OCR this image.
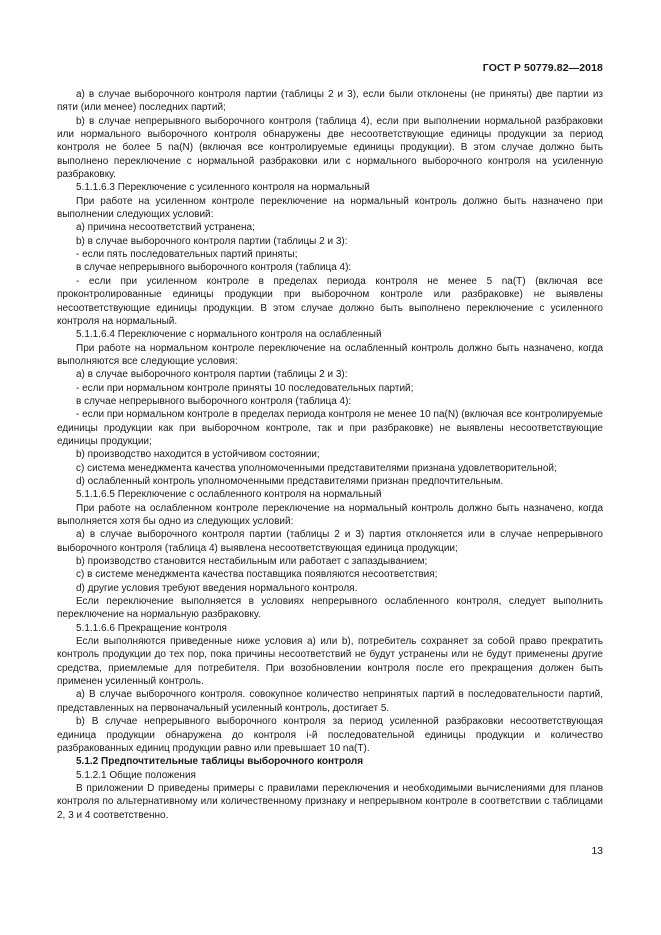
ГОСТ Р 50779.82—2018

a) в случае выборочного контроля партии (таблицы 2 и 3), если были отклонены (не приняты) две партии из пяти (или менее) последних партий;

b) в случае непрерывного выборочного контроля (таблица 4), если при выполнении нормальной разбраковки или нормального выборочного контроля обнаружены две несоответствующие единицы продукции за период контроля не более 5 nа(N) (включая все контролируемые единицы продукции). В этом случае должно быть выполнено переключение с нормальной разбраковки или с нормального выборочного контроля на усиленную разбраковку.

5.1.1.6.3 Переключение с усиленного контроля на нормальный

При работе на усиленном контроле переключение на нормальный контроль должно быть назначено при выполнении следующих условий:

a) причина несоответствий устранена;

b) в случае выборочного контроля партии (таблицы 2 и 3):

- если пять последовательных партий приняты;

в случае непрерывного выборочного контроля (таблица 4):

- если при усиленном контроле в пределах периода контроля не менее 5 nа(T) (включая все проконтролированные единицы продукции при выборочном контроле или разбраковке) не выявлены несоответствующие единицы продукции. В этом случае должно быть выполнено переключение с усиленного контроля на нормальный.

5.1.1.6.4 Переключение с нормального контроля на ослабленный

При работе на нормальном контроле переключение на ослабленный контроль должно быть назначено, когда выполняются все следующие условия:

a) в случае выборочного контроля партии (таблицы 2 и 3):

- если при нормальном контроле приняты 10 последовательных партий;

в случае непрерывного выборочного контроля (таблица 4):

- если при нормальном контроле в пределах периода контроля не менее 10 nа(N) (включая все контролируемые единицы продукции как при выборочном контроле, так и при разбраковке) не выявлены несоответствующие единицы продукции;

b) производство находится в устойчивом состоянии;

c) система менеджмента качества уполномоченными представителями признана удовлетворительной;

d) ослабленный контроль уполномоченными представителями признан предпочтительным.

5.1.1.6.5 Переключение с ослабленного контроля на нормальный

При работе на ослабленном контроле переключение на нормальный контроль должно быть назначено, когда выполняется хотя бы одно из следующих условий:

a) в случае выборочного контроля партии (таблицы 2 и 3) партия отклоняется или в случае непрерывного выборочного контроля (таблица 4) выявлена несоответствующая единица продукции;

b) производство становится нестабильным или работает с запаздыванием;

c) в системе менеджмента качества поставщика появляются несоответствия;

d) другие условия требуют введения нормального контроля.

Если переключение выполняется в условиях непрерывного ослабленного контроля, следует выполнить переключение на нормальную разбраковку.

5.1.1.6.6 Прекращение контроля

Если выполняются приведенные ниже условия a) или b), потребитель сохраняет за собой право прекратить контроль продукции до тех пор, пока причины несоответствий не будут устранены или не будут применены другие средства, приемлемые для потребителя. При возобновлении контроля после его прекращения должен быть применен усиленный контроль.

a) В случае выборочного контроля. совокупное количество непринятых партий в последовательности партий, представленных на первоначальный усиленный контроль, достигает 5.

b) В случае непрерывного выборочного контроля за период усиленной разбраковки несоответствующая единица продукции обнаружена до контроля i-й последовательной единицы продукции и количество разбракованных единиц продукции равно или превышает 10 nа(T).

5.1.2 Предпочтительные таблицы выборочного контроля

5.1.2.1 Общие положения

В приложении D приведены примеры с правилами переключения и необходимыми вычислениями для планов контроля по альтернативному или количественному признаку и непрерывном контроле в соответствии с таблицами 2, 3 и 4 соответственно.

13
